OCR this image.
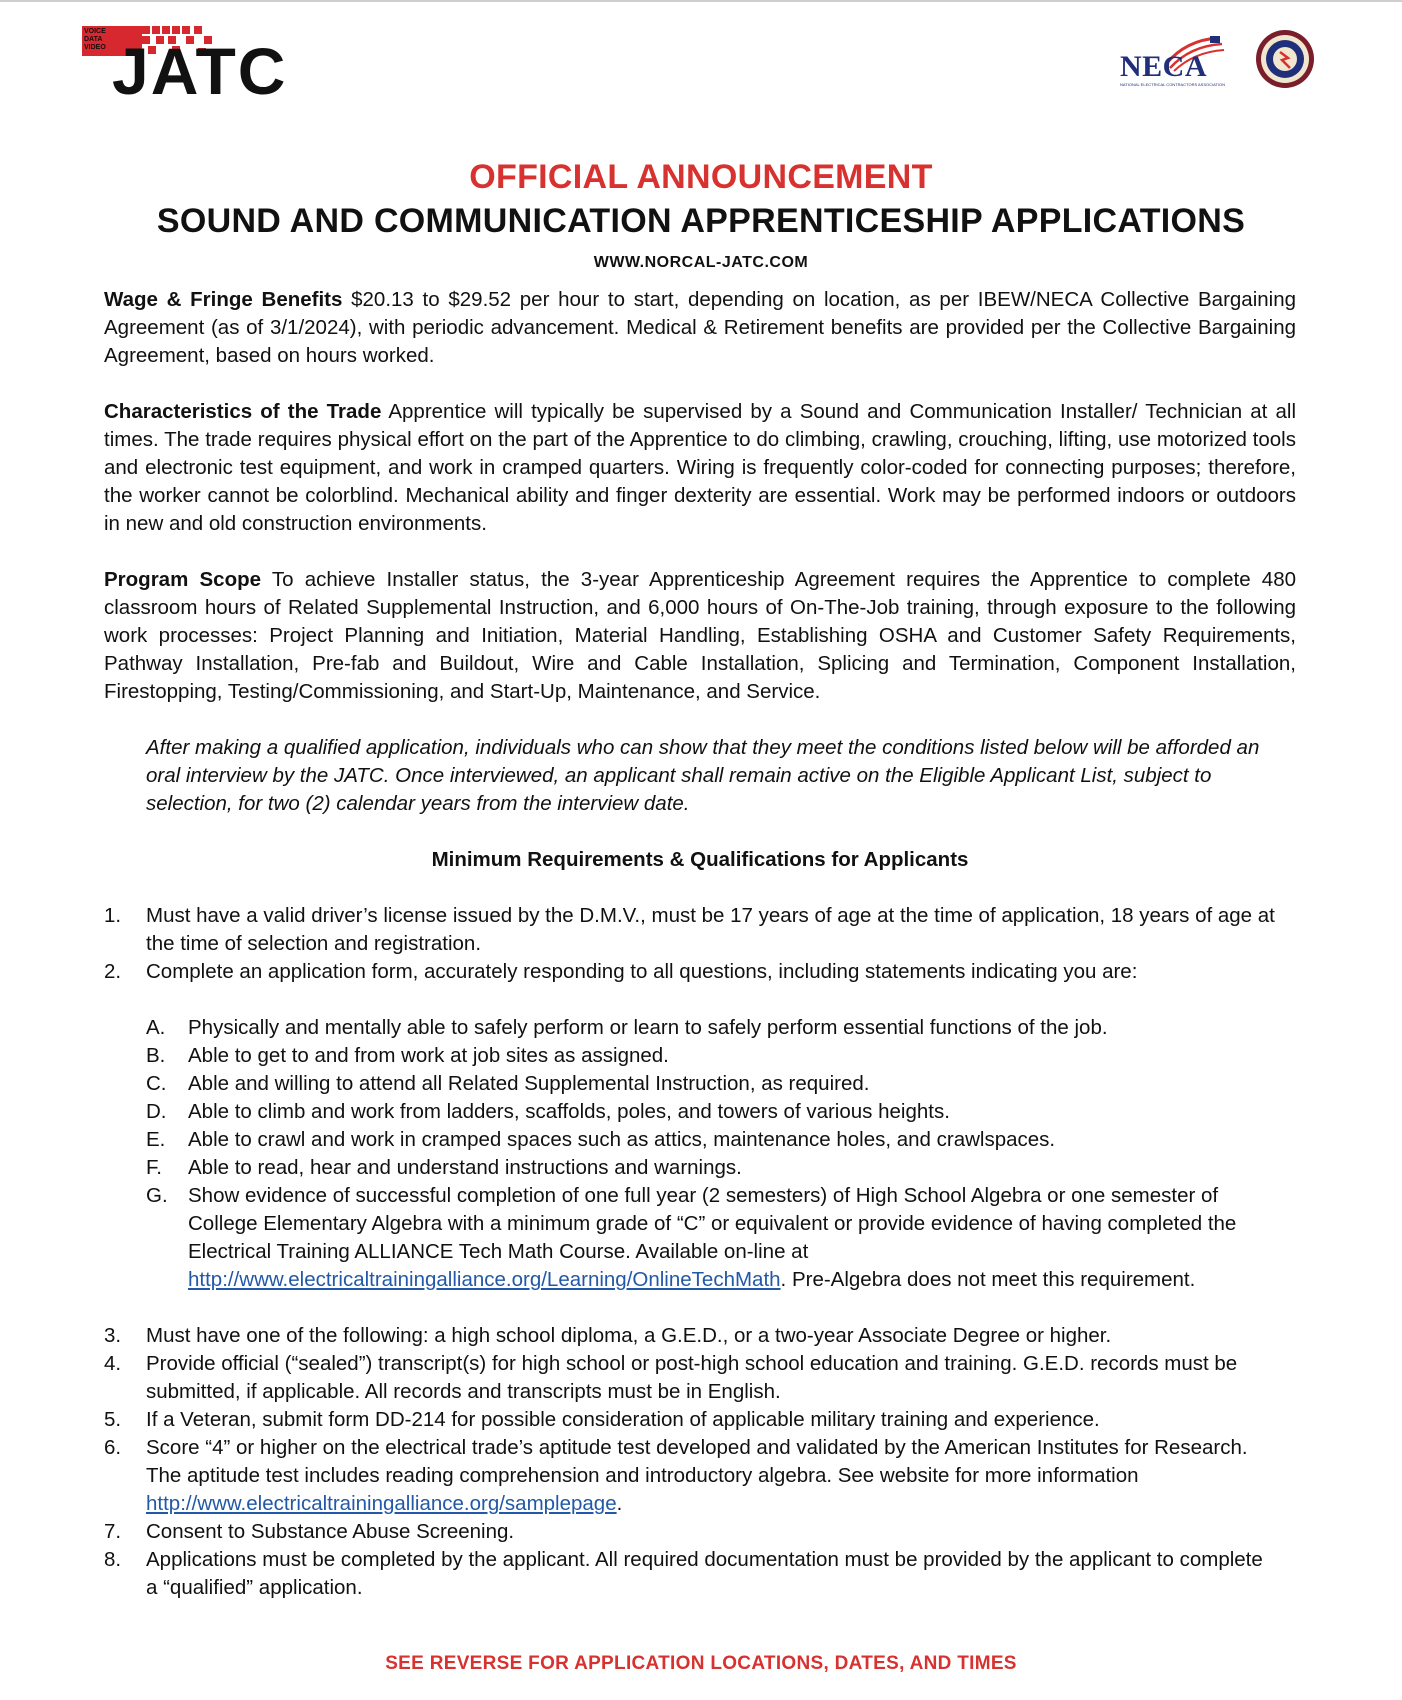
VOICE
DATA
VIDEO JATC	NECA
NATIONAL ELECTRICAL CONTRACTORS ASSOCIATION
OFFICIAL ANNOUNCEMENT
SOUND AND COMMUNICATION APPRENTICESHIP APPLICATIONS
WWW.NORCAL-JATC.COM

Wage & Fringe Benefits $20.13 to $29.52 per hour to start, depending on location, as per IBEW/NECA Collective Bargaining Agreement (as of 3/1/2024), with periodic advancement. Medical & Retirement benefits are provided per the Collective Bargaining Agreement, based on hours worked.

Characteristics of the Trade Apprentice will typically be supervised by a Sound and Communication Installer/ Technician at all times. The trade requires physical effort on the part of the Apprentice to do climbing, crawling, crouching, lifting, use motorized tools and electronic test equipment, and work in cramped quarters. Wiring is frequently color-coded for connecting purposes; therefore, the worker cannot be colorblind. Mechanical ability and finger dexterity are essential. Work may be performed indoors or outdoors in new and old construction environments.

Program Scope To achieve Installer status, the 3-year Apprenticeship Agreement requires the Apprentice to complete 480 classroom hours of Related Supplemental Instruction, and 6,000 hours of On-The-Job training, through exposure to the following work processes: Project Planning and Initiation, Material Handling, Establishing OSHA and Customer Safety Requirements, Pathway Installation, Pre-fab and Buildout, Wire and Cable Installation, Splicing and Termination, Component Installation, Firestopping, Testing/Commissioning, and Start-Up, Maintenance, and Service.

After making a qualified application, individuals who can show that they meet the conditions listed below will be afforded an oral interview by the JATC. Once interviewed, an applicant shall remain active on the Eligible Applicant List, subject to selection, for two (2) calendar years from the interview date.

Minimum Requirements & Qualifications for Applicants

1.	Must have a valid driver’s license issued by the D.M.V., must be 17 years of age at the time of application, 18 years of age at the time of selection and registration.
2.	Complete an application form, accurately responding to all questions, including statements indicating you are:
A.	Physically and mentally able to safely perform or learn to safely perform essential functions of the job.
B.	Able to get to and from work at job sites as assigned.
C.	Able and willing to attend all Related Supplemental Instruction, as required.
D.	Able to climb and work from ladders, scaffolds, poles, and towers of various heights.
E.	Able to crawl and work in cramped spaces such as attics, maintenance holes, and crawlspaces.
F.	Able to read, hear and understand instructions and warnings.
G. Show evidence of successful completion of one full year (2 semesters) of High School Algebra or one semester of College Elementary Algebra with a minimum grade of “C” or equivalent or provide evidence of having completed the Electrical Training ALLIANCE Tech Math Course. Available on-line at http://www.electricaltrainingalliance.org/Learning/OnlineTechMath. Pre-Algebra does not meet this requirement.
3.	Must have one of the following: a high school diploma, a G.E.D., or a two-year Associate Degree or higher.
4.	Provide official (“sealed”) transcript(s) for high school or post-high school education and training. G.E.D. records must be submitted, if applicable. All records and transcripts must be in English.
5.	If a Veteran, submit form DD-214 for possible consideration of applicable military training and experience.
6.	Score “4” or higher on the electrical trade’s aptitude test developed and validated by the American Institutes for Research. The aptitude test includes reading comprehension and introductory algebra. See website for more information http://www.electricaltrainingalliance.org/samplepage.
7.	Consent to Substance Abuse Screening.
8.	Applications must be completed by the applicant. All required documentation must be provided by the applicant to complete a “qualified” application.
SEE REVERSE FOR APPLICATION LOCATIONS, DATES, AND TIMES
